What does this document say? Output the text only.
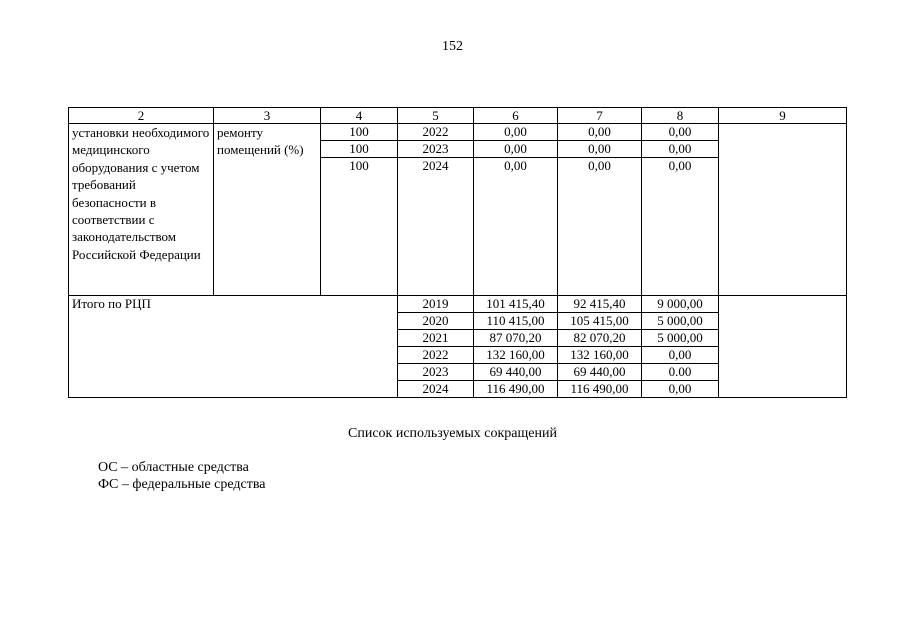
152
2	3	4	5	6	7	8	9
установки необходимого медицинского оборудования с учетом требований безопасности в соответствии с законодательством Российской Федерации	ремонту помещений (%)	100	2022	0,00	0,00	0,00	
		100	2023	0,00	0,00	0,00	
		100	2024	0,00	0,00	0,00	
Итого по РЦП			2019	101 415,40	92 415,40	9 000,00	
			2020	110 415,00	105 415,00	5 000,00	
			2021	87 070,20	82 070,20	5 000,00	
			2022	132 160,00	132 160,00	0,00	
			2023	69 440,00	69 440,00	0.00	
			2024	116 490,00	116 490,00	0,00	
Список используемых сокращений
ОС – областные средства
ФС – федеральные средства
